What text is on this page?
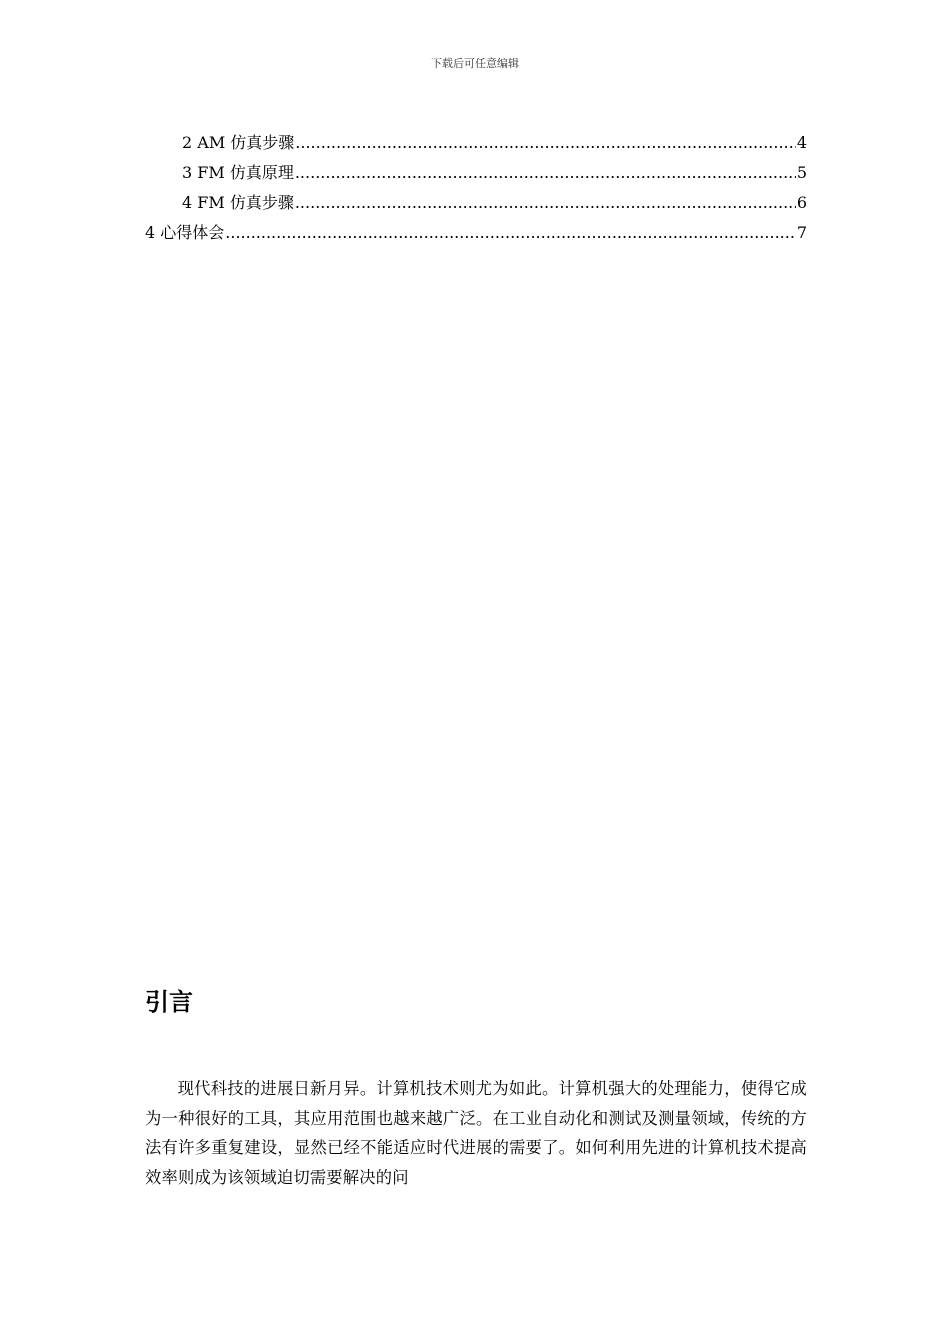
下载后可任意编辑
2 AM 仿真步骤 .....	4
3 FM 仿真原理 .....	5
4 FM 仿真步骤 .....	6
4 心得体会 .....	7
引言

现代科技的进展日新月异。计算机技术则尤为如此。计算机强大的处理能力，使得它成为一种很好的工具，其应用范围也越来越广泛。在工业自动化和测试及测量领域，传统的方法有许多重复建设，显然已经不能适应时代进展的需要了。如何利用先进的计算机技术提高效率则成为该领域迫切需要解决的问
